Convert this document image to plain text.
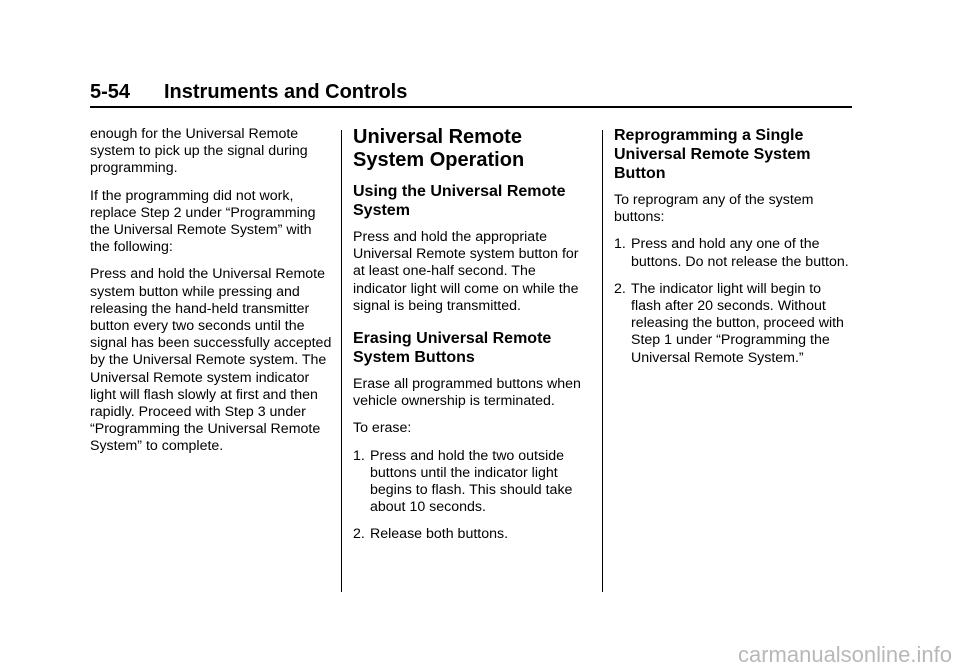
5-54 Instruments and Controls

enough for the Universal Remote system to pick up the signal during programming.

If the programming did not work, replace Step 2 under “Programming the Universal Remote System” with the following:

Press and hold the Universal Remote system button while pressing and releasing the hand-held transmitter button every two seconds until the signal has been successfully accepted by the Universal Remote system. The Universal Remote system indicator light will flash slowly at first and then rapidly. Proceed with Step 3 under “Programming the Universal Remote System” to complete.

Universal Remote System Operation
Using the Universal Remote System

Press and hold the appropriate Universal Remote system button for at least one-half second. The indicator light will come on while the signal is being transmitted.

Erasing Universal Remote System Buttons

Erase all programmed buttons when vehicle ownership is terminated.

To erase:

1. Press and hold the two outside buttons until the indicator light begins to flash. This should take about 10 seconds.
2. Release both buttons.
Reprogramming a Single Universal Remote System Button

To reprogram any of the system buttons:

1. Press and hold any one of the buttons. Do not release the button.
2. The indicator light will begin to flash after 20 seconds. Without releasing the button, proceed with Step 1 under “Programming the Universal Remote System.”
carmanualsonline.info
